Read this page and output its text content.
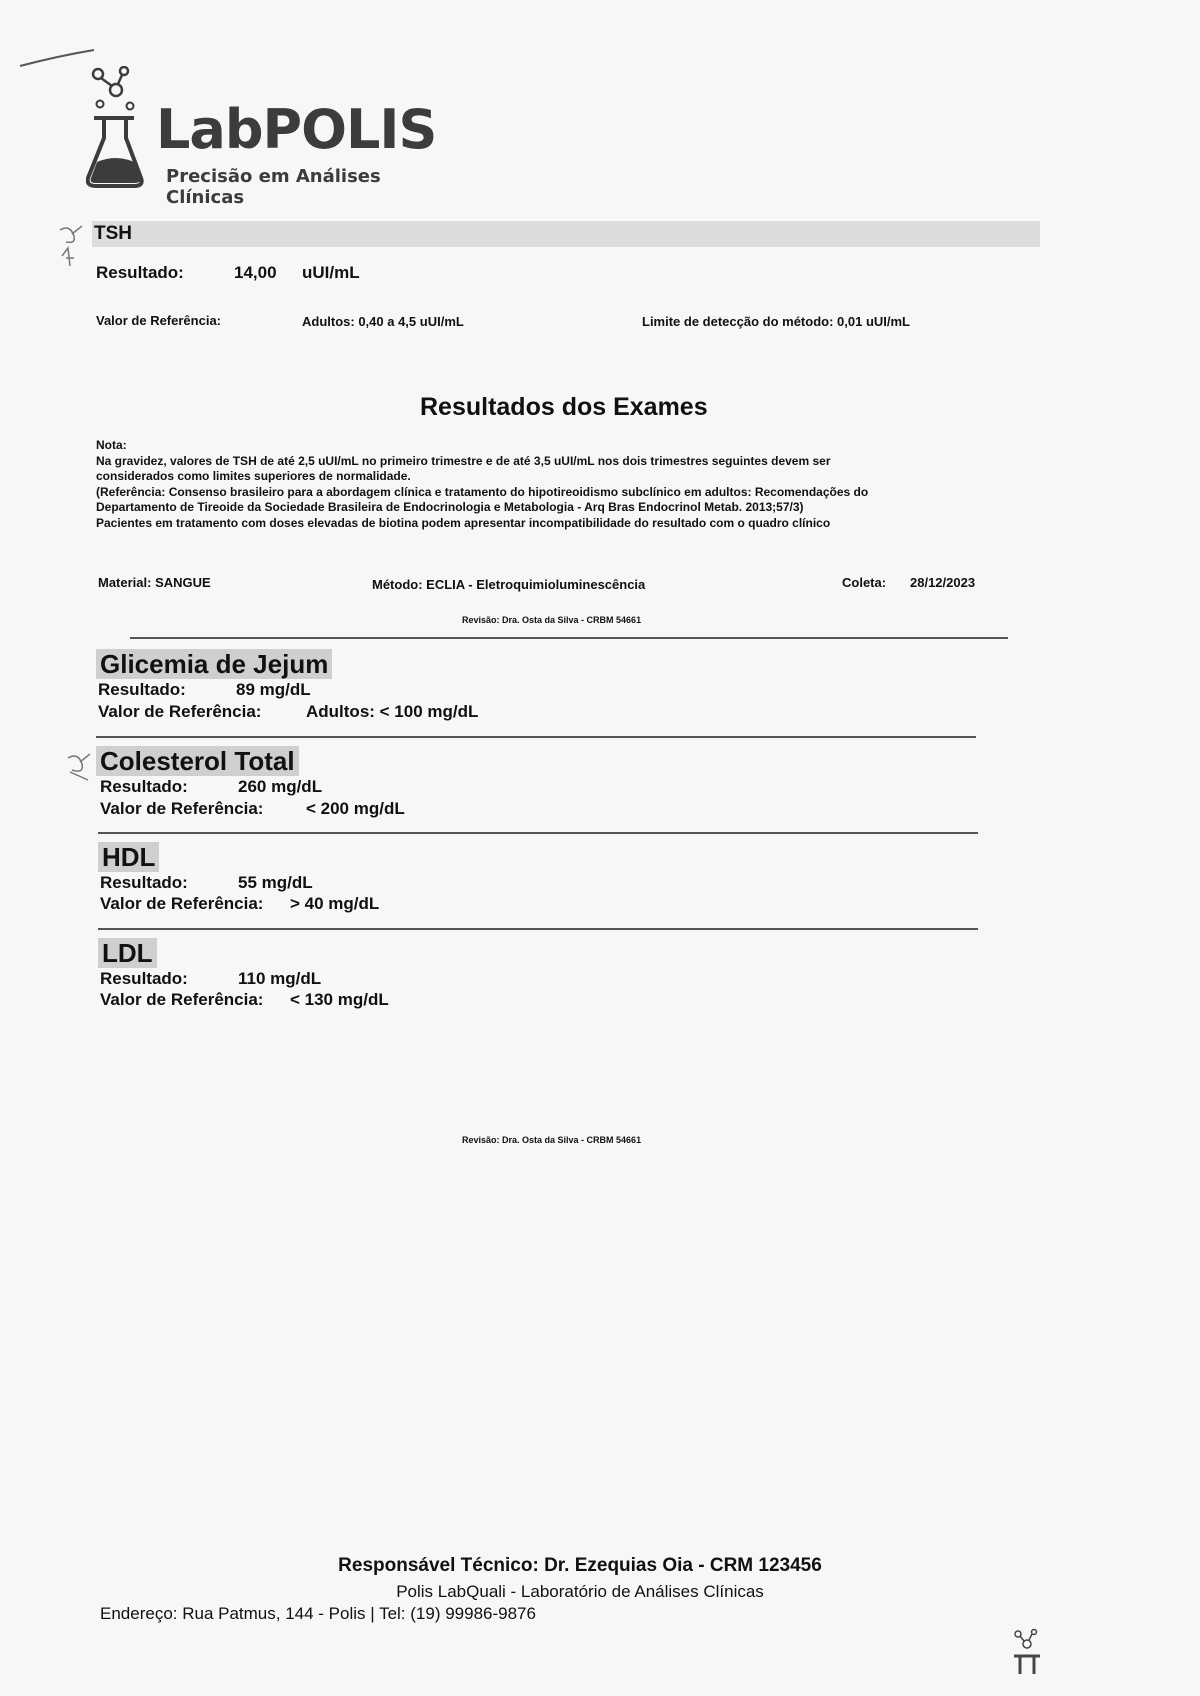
LabPOLIS
Precisão em Análises Clínicas
TSH
Resultado:	14,00 uUI/mL
Valor de Referência:	Adultos: 0,40 a 4,5 uUI/mL	Limite de detecção do método: 0,01 uUI/mL
Resultados dos Exames
Nota:
Na gravidez, valores de TSH de até 2,5 uUI/mL no primeiro trimestre e de até 3,5 uUI/mL nos dois trimestres seguintes devem ser
considerados como limites superiores de normalidade.
(Referência: Consenso brasileiro para a abordagem clínica e tratamento do hipotireoidismo subclínico em adultos: Recomendações do
Departamento de Tireoide da Sociedade Brasileira de Endocrinologia e Metabologia - Arq Bras Endocrinol Metab. 2013;57/3)
Pacientes em tratamento com doses elevadas de biotina podem apresentar incompatibilidade do resultado com o quadro clínico
Material: SANGUE	Método: ECLIA - Eletroquimioluminescência	Coleta: 28/12/2023
Revisão: Dra. Osta da Silva - CRBM 54661
Glicemia de Jejum
Resultado:	89 mg/dL
Valor de Referência:	Adultos: < 100 mg/dL
Colesterol Total
Resultado:	260 mg/dL
Valor de Referência:	< 200 mg/dL
HDL
Resultado:	55 mg/dL
Valor de Referência: > 40 mg/dL
LDL
Resultado:	110 mg/dL
Valor de Referência: < 130 mg/dL
Revisão: Dra. Osta da Silva - CRBM 54661
Responsável Técnico: Dr. Ezequias Oia - CRM 123456
Polis LabQuali - Laboratório de Análises Clínicas
Endereço: Rua Patmus, 144 - Polis | Tel: (19) 99986-9876
